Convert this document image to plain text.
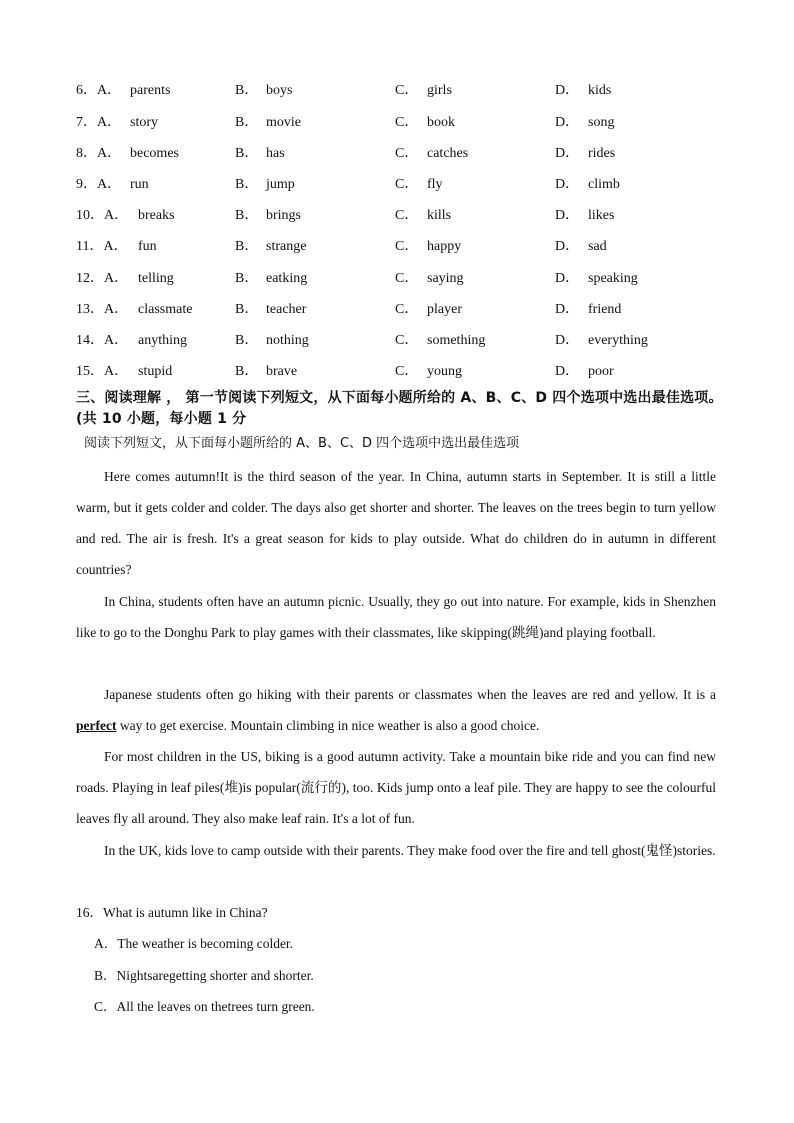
6．A． parents	B． boys	C． girls	D． kids
7．A． story	B． movie	C． book	D． song
8．A． becomes	B． has	C． catches	D． rides
9．A． run	B． jump	C． fly	D． climb
10．A． breaks	B． brings	C． kills	D． likes
11．A． fun	B． strange	C． happy	D． sad
12．A． telling	B． eatking	C． saying	D． speaking
13．A． classmate	B． teacher	C． player	D． friend
14．A． anything	B． nothing	C． something	D． everything
15．A． stupid	B． brave	C． young	D． poor
三、阅读理解 ， 第一节阅读下列短文，从下面每小题所给的 A、B、C、D 四个选项中选出最佳选项。(共 10 小题，每小题 1 分
阅读下列短文，从下面每小题所给的 A、B、C、D 四个选项中选出最佳选项
Here comes autumn!It is the third season of the year. In China, autumn starts in September. It is still a little warm, but it gets colder and colder. The days also get shorter and shorter. The leaves on the trees begin to turn yellow and red. The air is fresh. It's a great season for kids to play outside. What do children do in autumn in different countries?
In China, students often have an autumn picnic. Usually, they go out into nature. For example, kids in Shenzhen like to go to the Donghu Park to play games with their classmates, like skipping(跳绳)and playing football.
Japanese students often go hiking with their parents or classmates when the leaves are red and yellow. It is a perfect way to get exercise. Mountain climbing in nice weather is also a good choice.
For most children in the US, biking is a good autumn activity. Take a mountain bike ride and you can find new roads. Playing in leaf piles(堆)is popular(流行的), too. Kids jump onto a leaf pile. They are happy to see the colourful leaves fly all around. They also make leaf rain. It's a lot of fun.
In the UK, kids love to camp outside with their parents. They make food over the fire and tell ghost(鬼怪)stories.
16．What is autumn like in China?
A．The weather is becoming colder.
B．Nightsaregetting shorter and shorter.
C．All the leaves on thetrees turn green.
